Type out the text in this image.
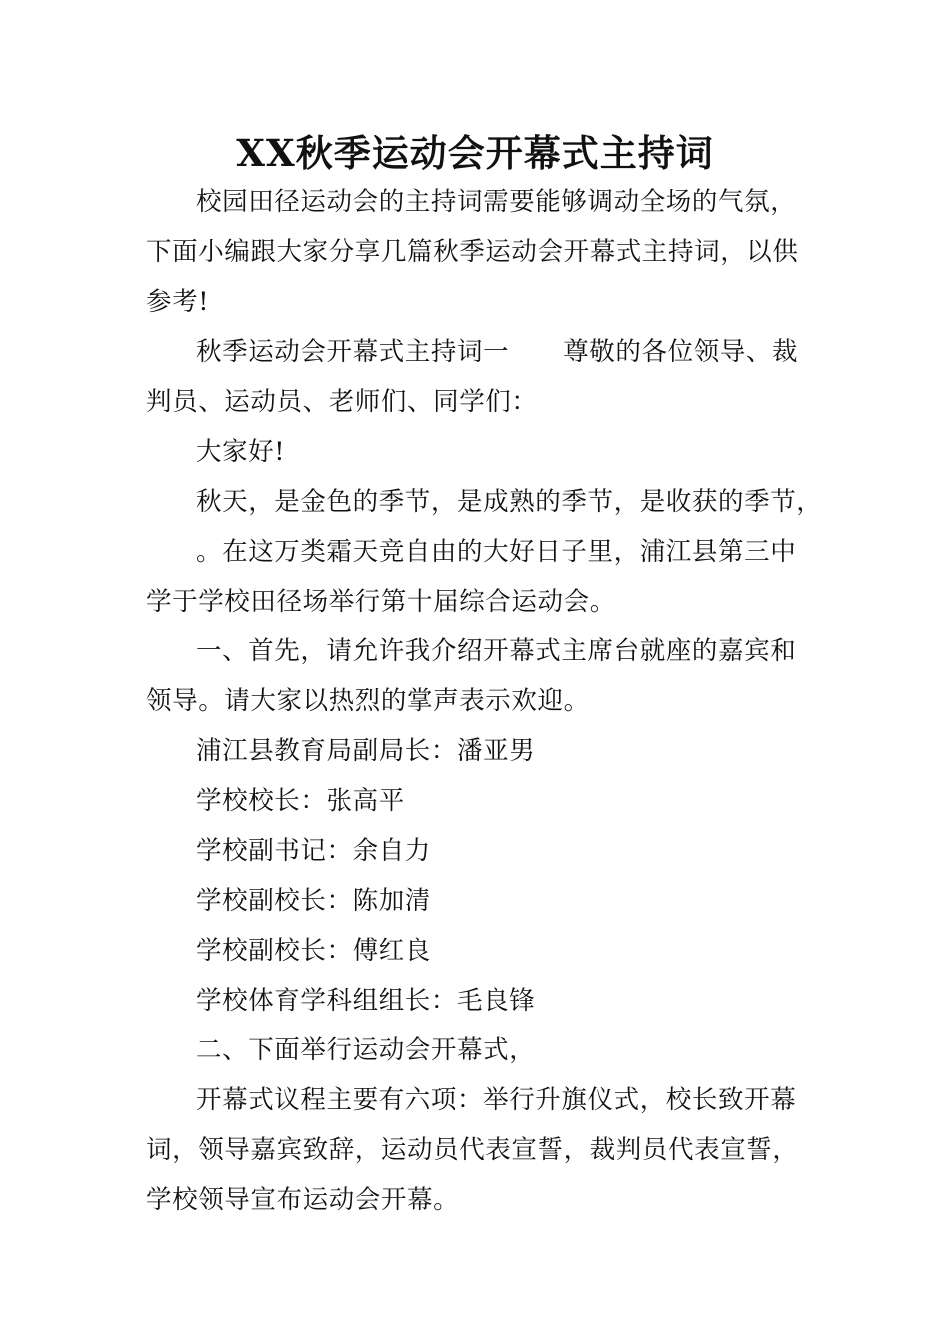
XX秋季运动会开幕式主持词
校园田径运动会的主持词需要能够调动全场的气氛，
下面小编跟大家分享几篇秋季运动会开幕式主持词，以供
参考!
秋季运动会开幕式主持词一 尊敬的各位领导、裁
判员、运动员、老师们、同学们：
大家好!
秋天，是金色的季节，是成熟的季节，是收获的季节，
。在这万类霜天竞自由的大好日子里，浦江县第三中
学于学校田径场举行第十届综合运动会。
一、首先，请允许我介绍开幕式主席台就座的嘉宾和
领导。请大家以热烈的掌声表示欢迎。
浦江县教育局副局长：潘亚男
学校校长：张高平
学校副书记：余自力
学校副校长：陈加清
学校副校长：傅红良
学校体育学科组组长：毛良锋
二、下面举行运动会开幕式，
开幕式议程主要有六项：举行升旗仪式，校长致开幕
词，领导嘉宾致辞，运动员代表宣誓，裁判员代表宣誓，
学校领导宣布运动会开幕。
